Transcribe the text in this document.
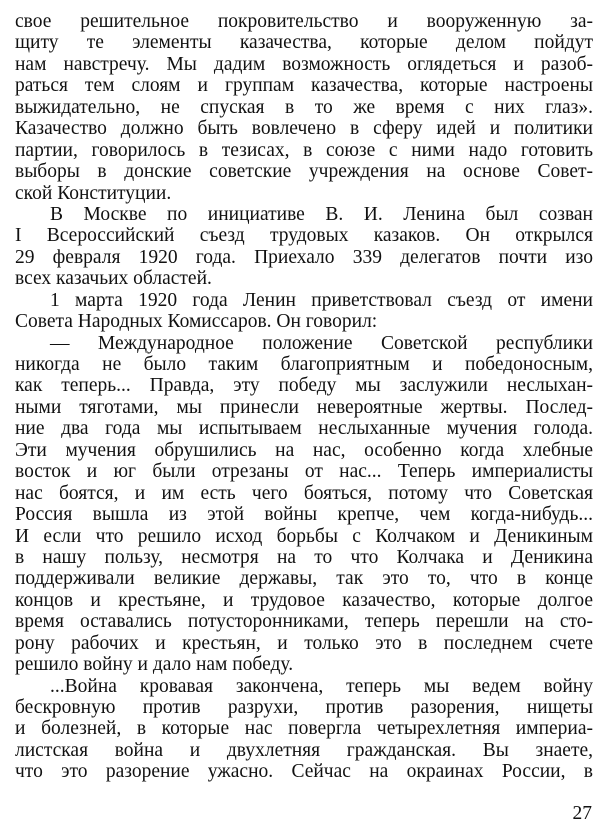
свое решительное покровительство и вооруженную за-
щиту те элементы казачества, которые делом пойдут
нам навстречу. Мы дадим возможность оглядеться и разоб-
раться тем слоям и группам казачества, которые настроены
выжидательно, не спуская в то же время с них глаз».
Казачество должно быть вовлечено в сферу идей и политики
партии, говорилось в тезисах, в союзе с ними надо готовить
выборы в донские советские учреждения на основе Совет-
ской Конституции.
В Москве по инициативе В. И. Ленина был созван
I Всероссийский съезд трудовых казаков. Он открылся
29 февраля 1920 года. Приехало 339 делегатов почти изо
всех казачьих областей.
1 марта 1920 года Ленин приветствовал съезд от имени
Совета Народных Комиссаров. Он говорил:
— Международное положение Советской республики
никогда не было таким благоприятным и победоносным,
как теперь... Правда, эту победу мы заслужили неслыхан-
ными тяготами, мы принесли невероятные жертвы. Послед-
ние два года мы испытываем неслыханные мучения голода.
Эти мучения обрушились на нас, особенно когда хлебные
восток и юг были отрезаны от нас... Теперь империалисты
нас боятся, и им есть чего бояться, потому что Советская
Россия вышла из этой войны крепче, чем когда-нибудь...
И если что решило исход борьбы с Колчаком и Деникиным
в нашу пользу, несмотря на то что Колчака и Деникина
поддерживали великие державы, так это то, что в конце
концов и крестьяне, и трудовое казачество, которые долгое
время оставались потусторонниками, теперь перешли на сто-
рону рабочих и крестьян, и только это в последнем счете
решило войну и дало нам победу.
...Война кровавая закончена, теперь мы ведем войну
бескровную против разрухи, против разорения, нищеты
и болезней, в которые нас повергла четырехлетняя империа-
листская война и двухлетняя гражданская. Вы знаете,
что это разорение ужасно. Сейчас на окраинах России, в
27
